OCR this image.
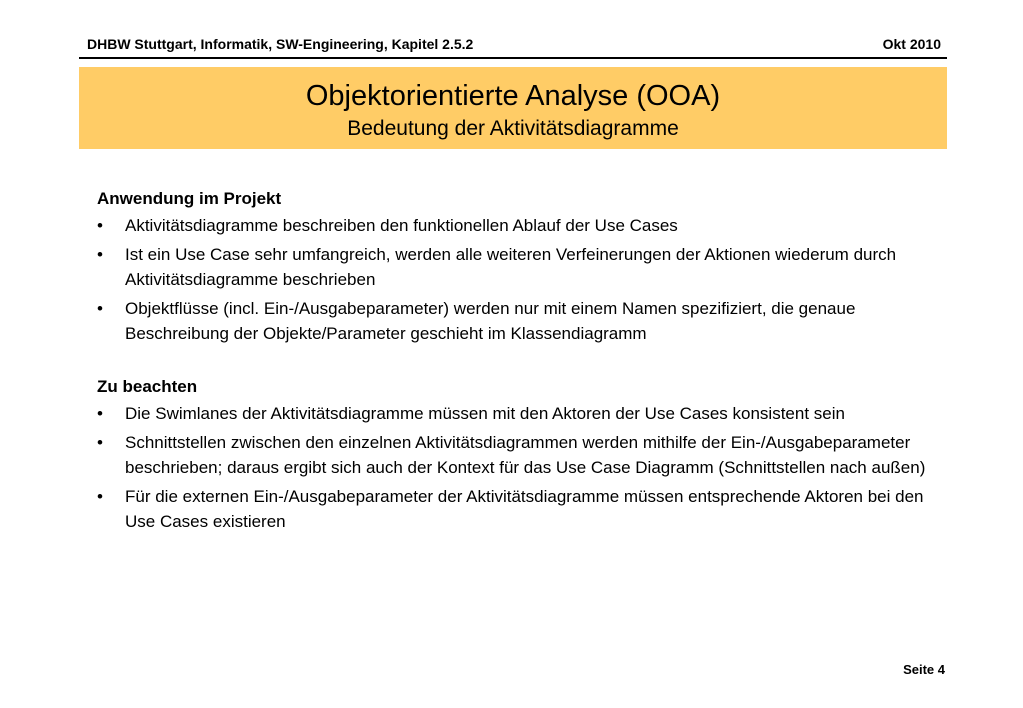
DHBW Stuttgart, Informatik, SW-Engineering, Kapitel 2.5.2	Okt 2010
Objektorientierte Analyse (OOA)
Bedeutung der Aktivitätsdiagramme

Anwendung im Projekt

• Aktivitätsdiagramme beschreiben den funktionellen Ablauf der Use Cases
• Ist ein Use Case sehr umfangreich, werden alle weiteren Verfeinerungen der Aktionen wiederum durch Aktivitätsdiagramme beschrieben
• Objektflüsse (incl. Ein-/Ausgabeparameter) werden nur mit einem Namen spezifiziert, die genaue Beschreibung der Objekte/Parameter geschieht im Klassendiagramm

Zu beachten

• Die Swimlanes der Aktivitätsdiagramme müssen mit den Aktoren der Use Cases konsistent sein
• Schnittstellen zwischen den einzelnen Aktivitätsdiagrammen werden mithilfe der Ein-/Ausgabeparameter beschrieben; daraus ergibt sich auch der Kontext für das Use Case Diagramm (Schnittstellen nach außen)
• Für die externen Ein-/Ausgabeparameter der Aktivitätsdiagramme müssen entsprechende Aktoren bei den Use Cases existieren
Seite 4
